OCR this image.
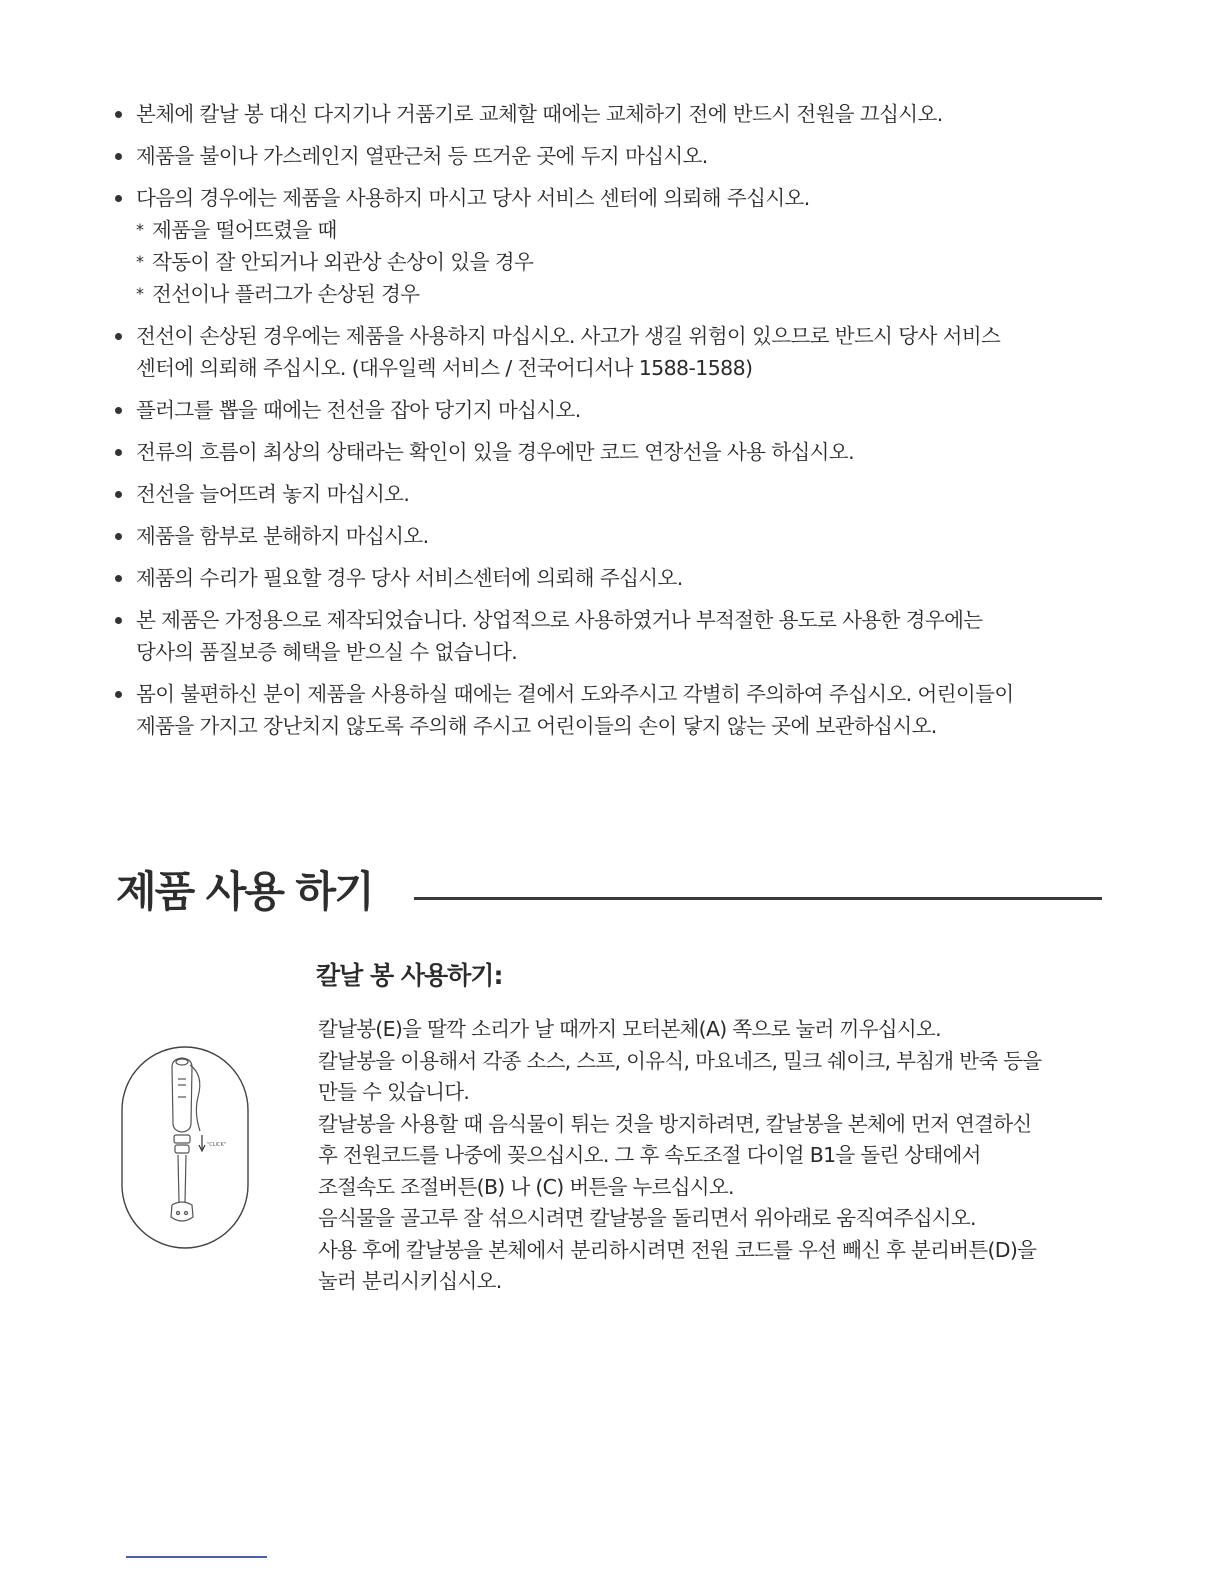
본체에 칼날 봉 대신 다지기나 거품기로 교체할 때에는 교체하기 전에 반드시 전원을 끄십시오.
제품을 불이나 가스레인지 열판근처 등 뜨거운 곳에 두지 마십시오.
다음의 경우에는 제품을 사용하지 마시고 당사 서비스 센터에 의뢰해 주십시오.
* 제품을 떨어뜨렸을 때
* 작동이 잘 안되거나 외관상 손상이 있을 경우
* 전선이나 플러그가 손상된 경우
전선이 손상된 경우에는 제품을 사용하지 마십시오. 사고가 생길 위험이 있으므로 반드시 당사 서비스
센터에 의뢰해 주십시오. (대우일렉 서비스 / 전국어디서나 1588-1588)
플러그를 뽑을 때에는 전선을 잡아 당기지 마십시오.
전류의 흐름이 최상의 상태라는 확인이 있을 경우에만 코드 연장선을 사용 하십시오.
전선을 늘어뜨려 놓지 마십시오.
제품을 함부로 분해하지 마십시오.
제품의 수리가 필요할 경우 당사 서비스센터에 의뢰해 주십시오.
본 제품은 가정용으로 제작되었습니다. 상업적으로 사용하였거나 부적절한 용도로 사용한 경우에는
당사의 품질보증 혜택을 받으실 수 없습니다.
몸이 불편하신 분이 제품을 사용하실 때에는 곁에서 도와주시고 각별히 주의하여 주십시오. 어린이들이
제품을 가지고 장난치지 않도록 주의해 주시고 어린이들의 손이 닿지 않는 곳에 보관하십시오.
제품 사용 하기
칼날 봉 사용하기:
"CLICK"
칼날봉(E)을 딸깍 소리가 날 때까지 모터본체(A) 쪽으로 눌러 끼우십시오.
칼날봉을 이용해서 각종 소스, 스프, 이유식, 마요네즈, 밀크 쉐이크, 부침개 반죽 등을
만들 수 있습니다.
칼날봉을 사용할 때 음식물이 튀는 것을 방지하려면, 칼날봉을 본체에 먼저 연결하신
후 전원코드를 나중에 꽂으십시오. 그 후 속도조절 다이얼 B1을 돌린 상태에서
조절속도 조절버튼(B) 나 (C) 버튼을 누르십시오.
음식물을 골고루 잘 섞으시려면 칼날봉을 돌리면서 위아래로 움직여주십시오.
사용 후에 칼날봉을 본체에서 분리하시려면 전원 코드를 우선 빼신 후 분리버튼(D)을
눌러 분리시키십시오.
